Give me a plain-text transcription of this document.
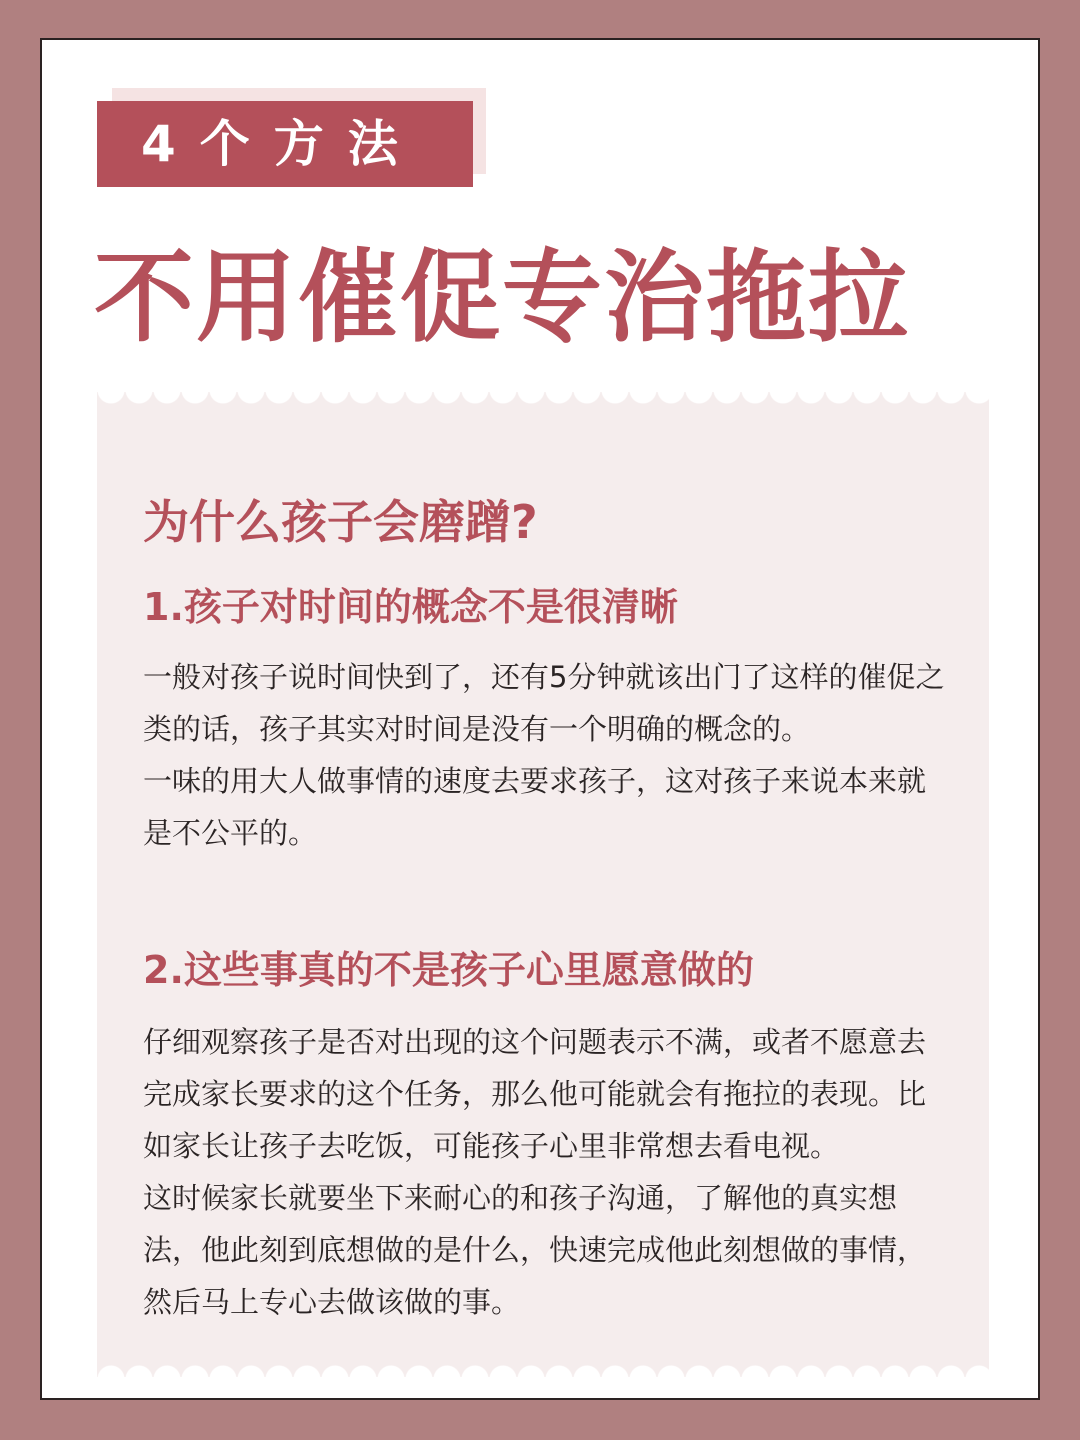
4个方法
不用催促专治拖拉
为什么孩子会磨蹭?
1.孩子对时间的概念不是很清晰

一般对孩子说时间快到了，还有5分钟就该出门了这样的催促之类的话，孩子其实对时间是没有一个明确的概念的。

一味的用大人做事情的速度去要求孩子，这对孩子来说本来就是不公平的。

2.这些事真的不是孩子心里愿意做的

仔细观察孩子是否对出现的这个问题表示不满，或者不愿意去完成家长要求的这个任务，那么他可能就会有拖拉的表现。比如家长让孩子去吃饭，可能孩子心里非常想去看电视。

这时候家长就要坐下来耐心的和孩子沟通，了解他的真实想法，他此刻到底想做的是什么，快速完成他此刻想做的事情，然后马上专心去做该做的事。
